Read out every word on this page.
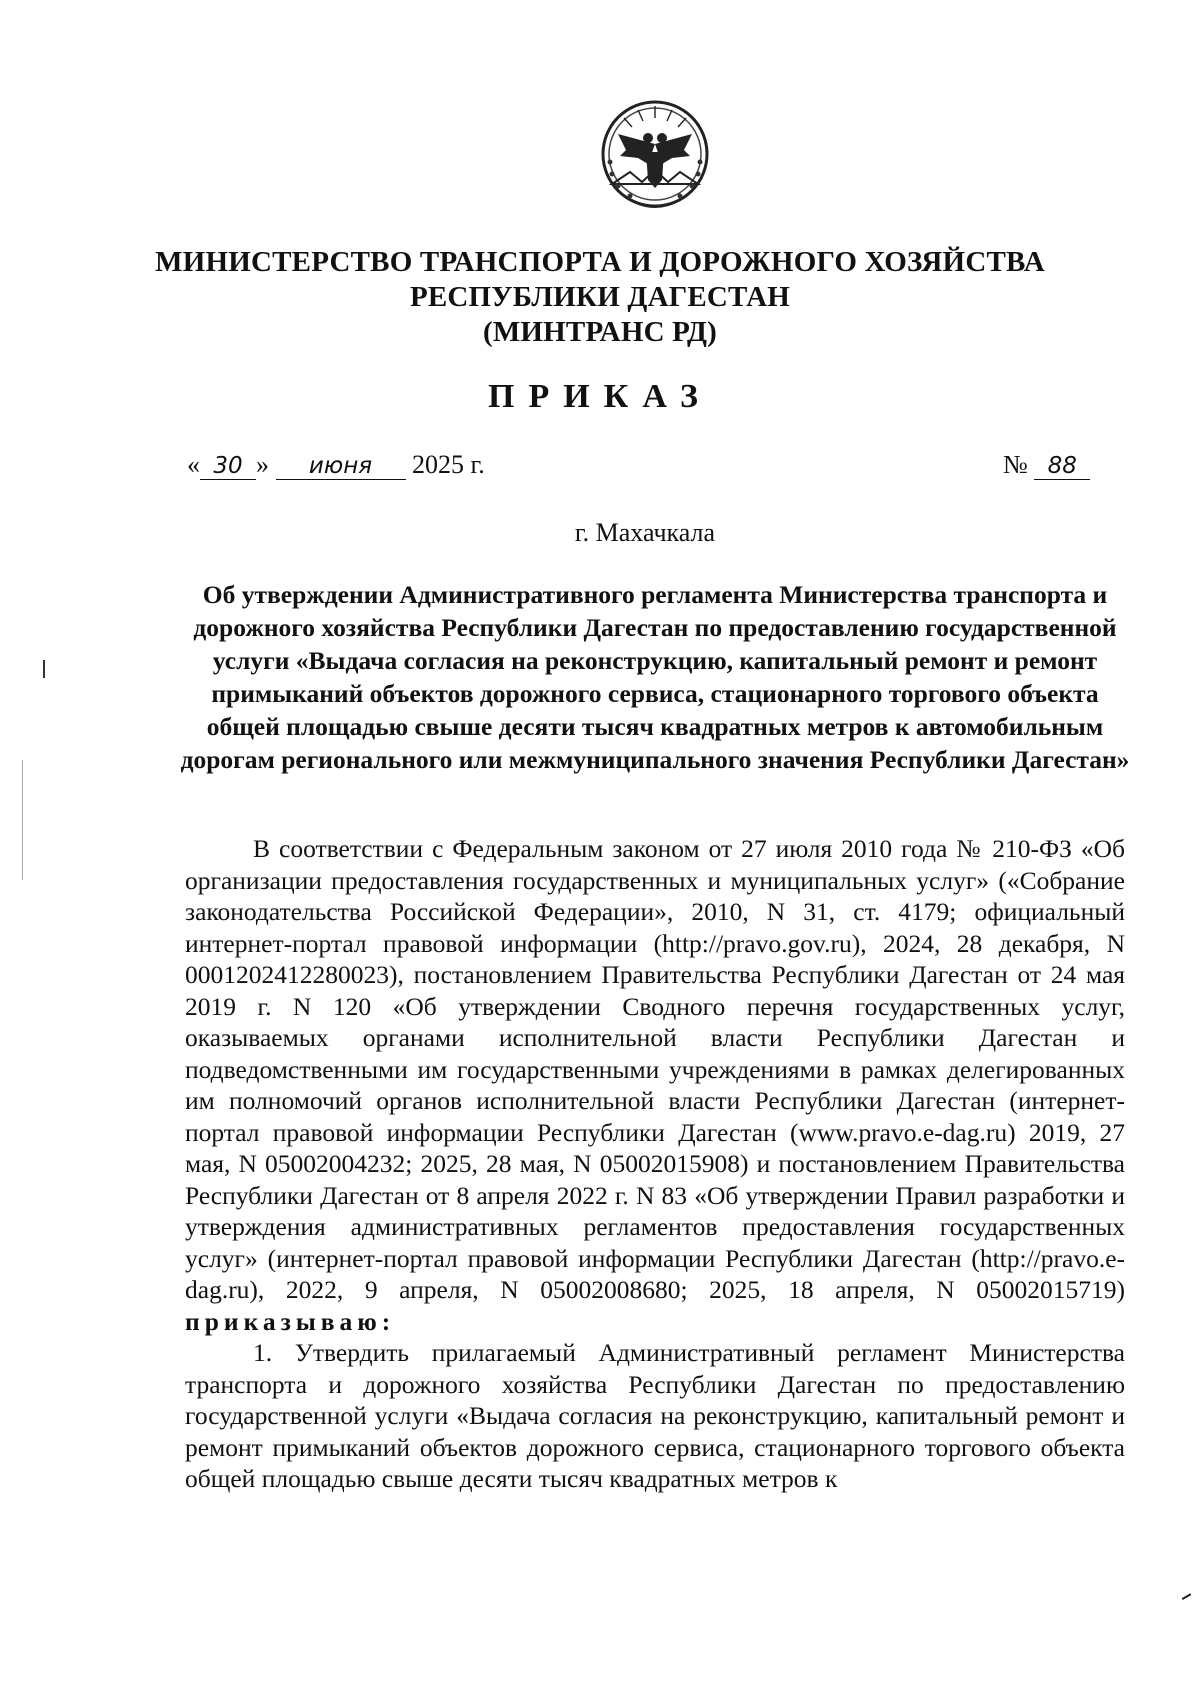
МИНИСТЕРСТВО ТРАНСПОРТА И ДОРОЖНОГО ХОЗЯЙСТВА
РЕСПУБЛИКИ ДАГЕСТАН
(МИНТРАНС РД)
ПРИКАЗ
« 30 » июня 2025 г.	№ 88
г. Махачкала
Об утверждении Административного регламента Министерства транспорта и дорожного хозяйства Республики Дагестан по предоставлению государственной услуги «Выдача согласия на реконструкцию, капитальный ремонт и ремонт примыканий объектов дорожного сервиса, стационарного торгового объекта общей площадью свыше десяти тысяч квадратных метров к автомобильным дорогам регионального или межмуниципального значения Республики Дагестан»

В соответствии с Федеральным законом от 27 июля 2010 года № 210-ФЗ «Об организации предоставления государственных и муниципальных услуг» («Собрание законодательства Российской Федерации», 2010, N 31, ст. 4179; официальный интернет-портал правовой информации (http://pravo.gov.ru), 2024, 28 декабря, N 0001202412280023), постановлением Правительства Республики Дагестан от 24 мая 2019 г. N 120 «Об утверждении Сводного перечня государственных услуг, оказываемых органами исполнительной власти Республики Дагестан и подведомственными им государственными учреждениями в рамках делегированных им полномочий органов исполнительной власти Республики Дагестан (интернет-портал правовой информации Республики Дагестан (www.pravo.e-dag.ru) 2019, 27 мая, N 05002004232; 2025, 28 мая, N 05002015908) и постановлением Правительства Республики Дагестан от 8 апреля 2022 г. N 83 «Об утверждении Правил разработки и утверждения административных регламентов предоставления государственных услуг» (интернет-портал правовой информации Республики Дагестан (http://pravo.e-dag.ru), 2022, 9 апреля, N 05002008680; 2025, 18 апреля, N 05002015719) приказываю:

1. Утвердить прилагаемый Административный регламент Министерства транспорта и дорожного хозяйства Республики Дагестан по предоставлению государственной услуги «Выдача согласия на реконструкцию, капитальный ремонт и ремонт примыканий объектов дорожного сервиса, стационарного торгового объекта общей площадью свыше десяти тысяч квадратных метров к
